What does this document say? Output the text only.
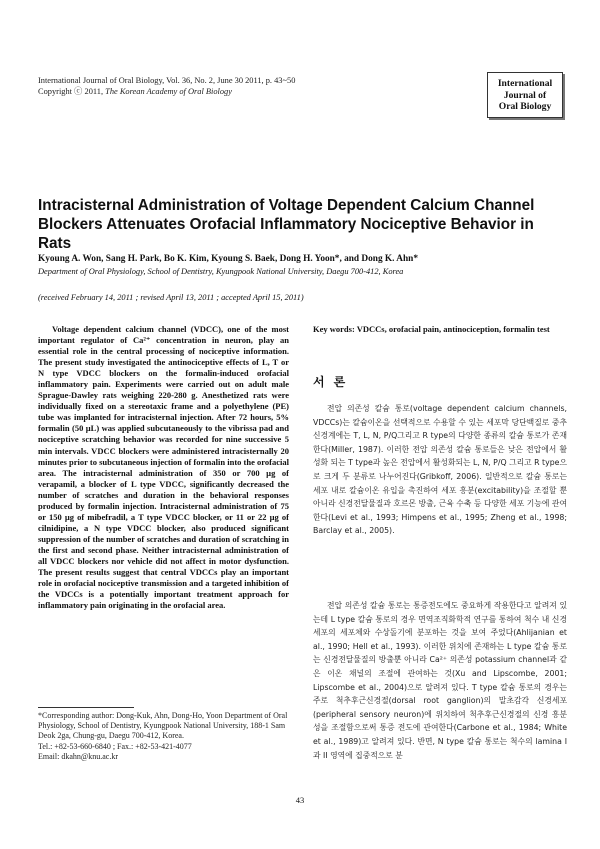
International Journal of Oral Biology, Vol. 36, No. 2, June 30 2011, p. 43~50
Copyright ⓒ 2011, The Korean Academy of Oral Biology
International
Journal of
Oral Biology
Intracisternal Administration of Voltage Dependent Calcium Channel Blockers Attenuates Orofacial Inflammatory Nociceptive Behavior in Rats
Kyoung A. Won, Sang H. Park, Bo K. Kim, Kyoung S. Baek, Dong H. Yoon*, and Dong K. Ahn*
Department of Oral Physiology, School of Dentistry, Kyungpook National University, Daegu 700-412, Korea
(received February 14, 2011 ; revised April 13, 2011 ; accepted April 15, 2011)
Voltage dependent calcium channel (VDCC), one of the most important regulator of Ca²⁺ concentration in neuron, play an essential role in the central processing of nociceptive information. The present study investigated the antinociceptive effects of L, T or N type VDCC blockers on the formalin-induced orofacial inflammatory pain. Experiments were carried out on adult male Sprague-Dawley rats weighing 220-280 g. Anesthetized rats were individually fixed on a stereotaxic frame and a polyethylene (PE) tube was implanted for intracisternal injection. After 72 hours, 5% formalin (50 µL) was applied subcutaneously to the vibrissa pad and nociceptive scratching behavior was recorded for nine successive 5 min intervals. VDCC blockers were administered intracisternally 20 minutes prior to subcutaneous injection of formalin into the orofacial area. The intracisternal administration of 350 or 700 µg of verapamil, a blocker of L type VDCC, significantly decreased the number of scratches and duration in the behavioral responses produced by formalin injection. Intracisternal administration of 75 or 150 µg of mibefradil, a T type VDCC blocker, or 11 or 22 µg of cilnidipine, a N type VDCC blocker, also produced significant suppression of the number of scratches and duration of scratching in the first and second phase. Neither intracisternal administration of all VDCC blockers nor vehicle did not affect in motor dysfunction. The present results suggest that central VDCCs play an important role in orofacial nociceptive transmission and a targeted inhibition of the VDCCs is a potentially important treatment approach for inflammatory pain originating in the orofacial area.
Key words: VDCCs, orofacial pain, antinociception, formalin test
서론
전압 의존성 칼슘 통로(voltage dependent calcium channels, VDCCs)는 칼슘이온을 선택적으로 수용할 수 있는 세포막 당단백질로 중추신경계에는 T, L, N, P/Q그리고 R type의 다양한 종류의 칼슘 통로가 존재한다(Miller, 1987). 이러한 전압 의존성 칼슘 통로들은 낮은 전압에서 활성화 되는 T type과 높은 전압에서 활성화되는 L, N, P/Q 그리고 R type으로 크게 두 분류로 나누어진다(Gribkoff, 2006). 일반적으로 칼슘 통로는 세포 내로 칼슘이온 유입을 촉진하여 세포 흥분(excitability)을 조절할 뿐 아니라 신경전달물질과 호르몬 방출, 근육 수축 등 다양한 세포 기능에 관여한다(Levi et al., 1993; Himpens et al., 1995; Zheng et al., 1998; Barclay et al., 2005).
전압 의존성 칼슘 통로는 통증전도에도 중요하게 작용한다고 알려져 있는데 L type 칼슘 통로의 경우 면역조직화학적 연구를 통하여 척수 내 신경세포의 세포체와 수상돌기에 분포하는 것을 보여 주었다(Ahlijanian et al., 1990; Hell et al., 1993). 이러한 위치에 존재하는 L type 칼슘 통로는 신경전달물질의 방출뿐 아니라 Ca²⁺ 의존성 potassium channel과 같은 이온 채널의 조절에 관여하는 것(Xu and Lipscombe, 2001; Lipscombe et al., 2004)으로 알려져 있다. T type 칼슘 통로의 경우는 주로 척추후근신경절(dorsal root ganglion)의 말초감각 신경세포(peripheral sensory neuron)에 위치하여 척추후근신경절의 신경 흥분성을 조절함으로써 통증 전도에 관여한다(Carbone et al., 1984; White et al., 1989)고 알려져 있다. 반면, N type 칼슘 통로는 척수의 lamina I과 II 영역에 집중적으로 분
*Corresponding author: Dong-Kuk, Ahn, Dong-Ho, Yoon Department of Oral Physiology, School of Dentistry, Kyungpook National University, 188-1 Sam Deok 2ga, Chung-gu, Daegu 700-412, Korea.
Tel.: +82-53-660-6840 ; Fax.: +82-53-421-4077
Email: dkahn@knu.ac.kr
43
